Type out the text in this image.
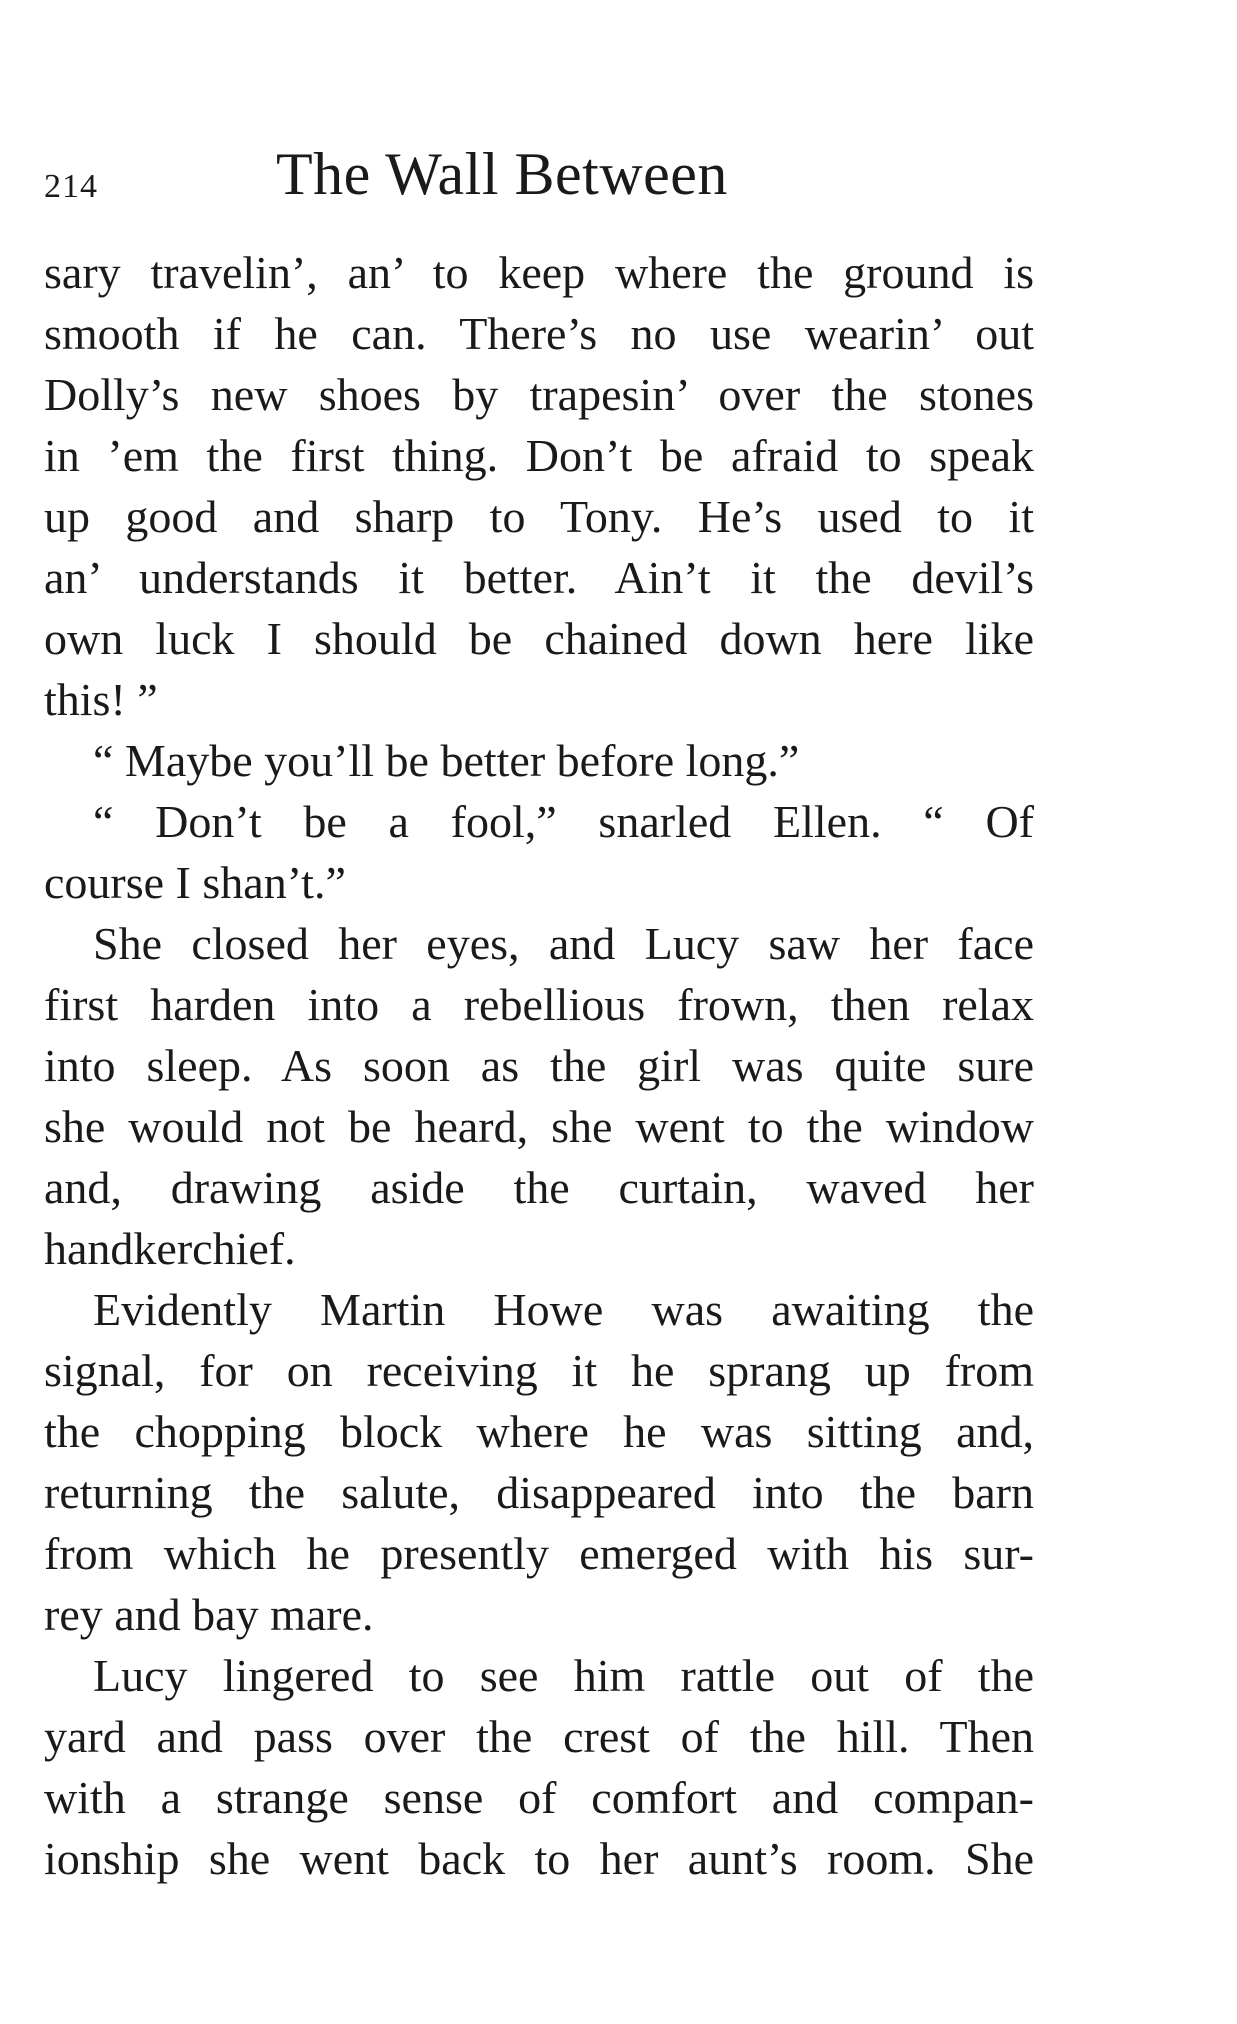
214	The Wall Between
sary travelin’, an’ to keep where the ground is
smooth if he can. There’s no use wearin’ out
Dolly’s new shoes by trapesin’ over the stones
in ’em the first thing. Don’t be afraid to speak
up good and sharp to Tony. He’s used to it
an’ understands it better. Ain’t it the devil’s
own luck I should be chained down here like
this! ”
“ Maybe you’ll be better before long.”
“ Don’t be a fool,” snarled Ellen. “ Of
course I shan’t.”
She closed her eyes, and Lucy saw her face
first harden into a rebellious frown, then relax
into sleep. As soon as the girl was quite sure
she would not be heard, she went to the window
and, drawing aside the curtain, waved her
handkerchief.
Evidently Martin Howe was awaiting the
signal, for on receiving it he sprang up from
the chopping block where he was sitting and,
returning the salute, disappeared into the barn
from which he presently emerged with his sur-
rey and bay mare.
Lucy lingered to see him rattle out of the
yard and pass over the crest of the hill. Then
with a strange sense of comfort and compan-
ionship she went back to her aunt’s room. She
